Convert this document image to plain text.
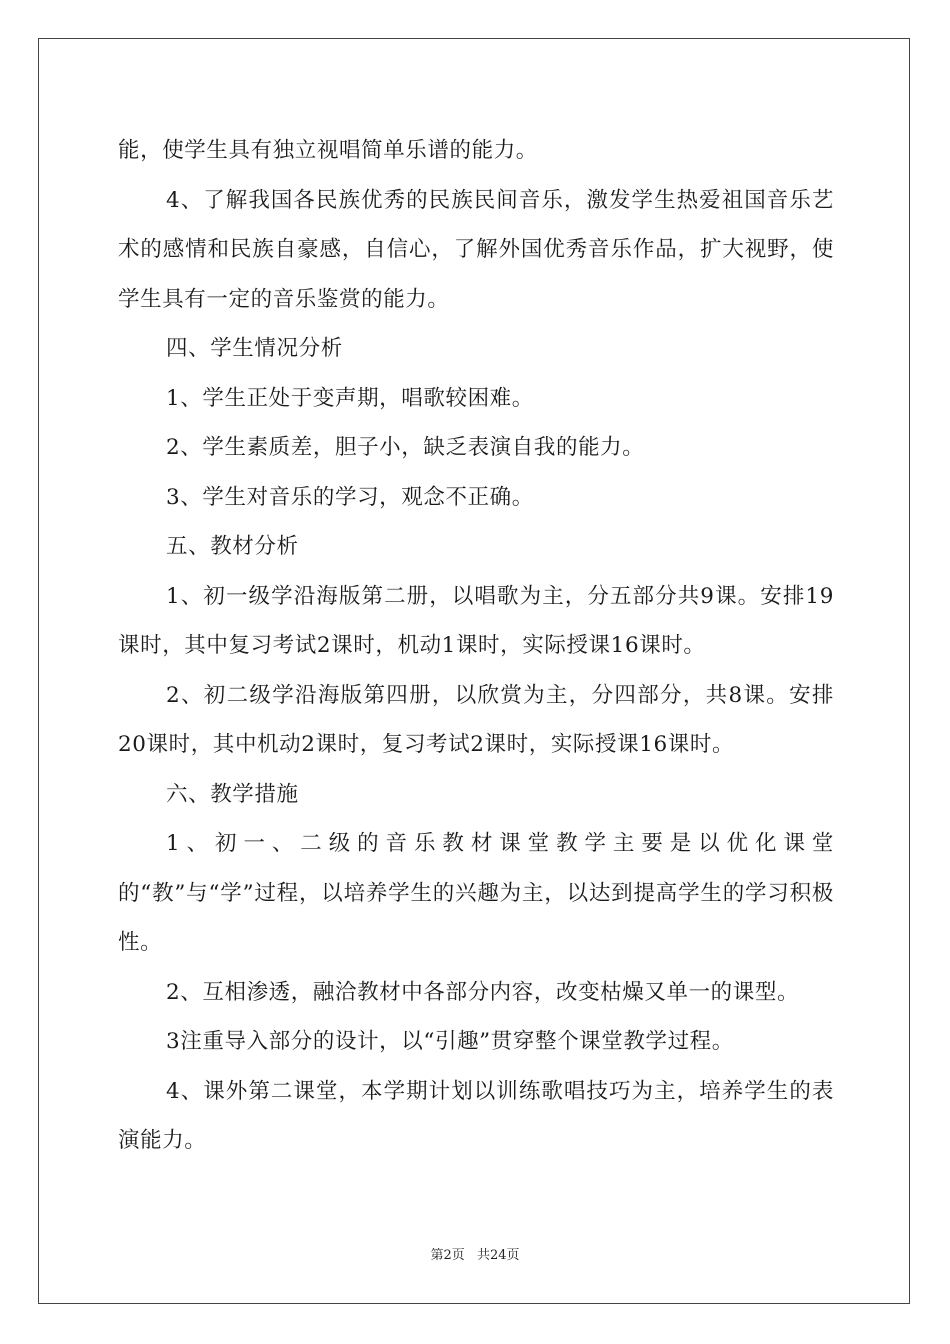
能，使学生具有独立视唱简单乐谱的能力。

4、了解我国各民族优秀的民族民间音乐，激发学生热爱祖国音乐艺术的感情和民族自豪感，自信心，了解外国优秀音乐作品，扩大视野，使学生具有一定的音乐鉴赏的能力。

四、学生情况分析

1、学生正处于变声期，唱歌较困难。

2、学生素质差，胆子小，缺乏表演自我的能力。

3、学生对音乐的学习，观念不正确。

五、教材分析

1、初一级学沿海版第二册，以唱歌为主，分五部分共9课。安排19课时，其中复习考试2课时，机动1课时，实际授课16课时。

2、初二级学沿海版第四册，以欣赏为主，分四部分，共8课。安排20课时，其中机动2课时，复习考试2课时，实际授课16课时。

六、教学措施

1、初一、二级的音乐教材课堂教学主要是以优化课堂的“教”与“学”过程，以培养学生的兴趣为主，以达到提高学生的学习积极性。

2、互相渗透，融洽教材中各部分内容，改变枯燥又单一的课型。

3注重导入部分的设计，以“引趣”贯穿整个课堂教学过程。

4、课外第二课堂，本学期计划以训练歌唱技巧为主，培养学生的表演能力。

第2页 共24页
